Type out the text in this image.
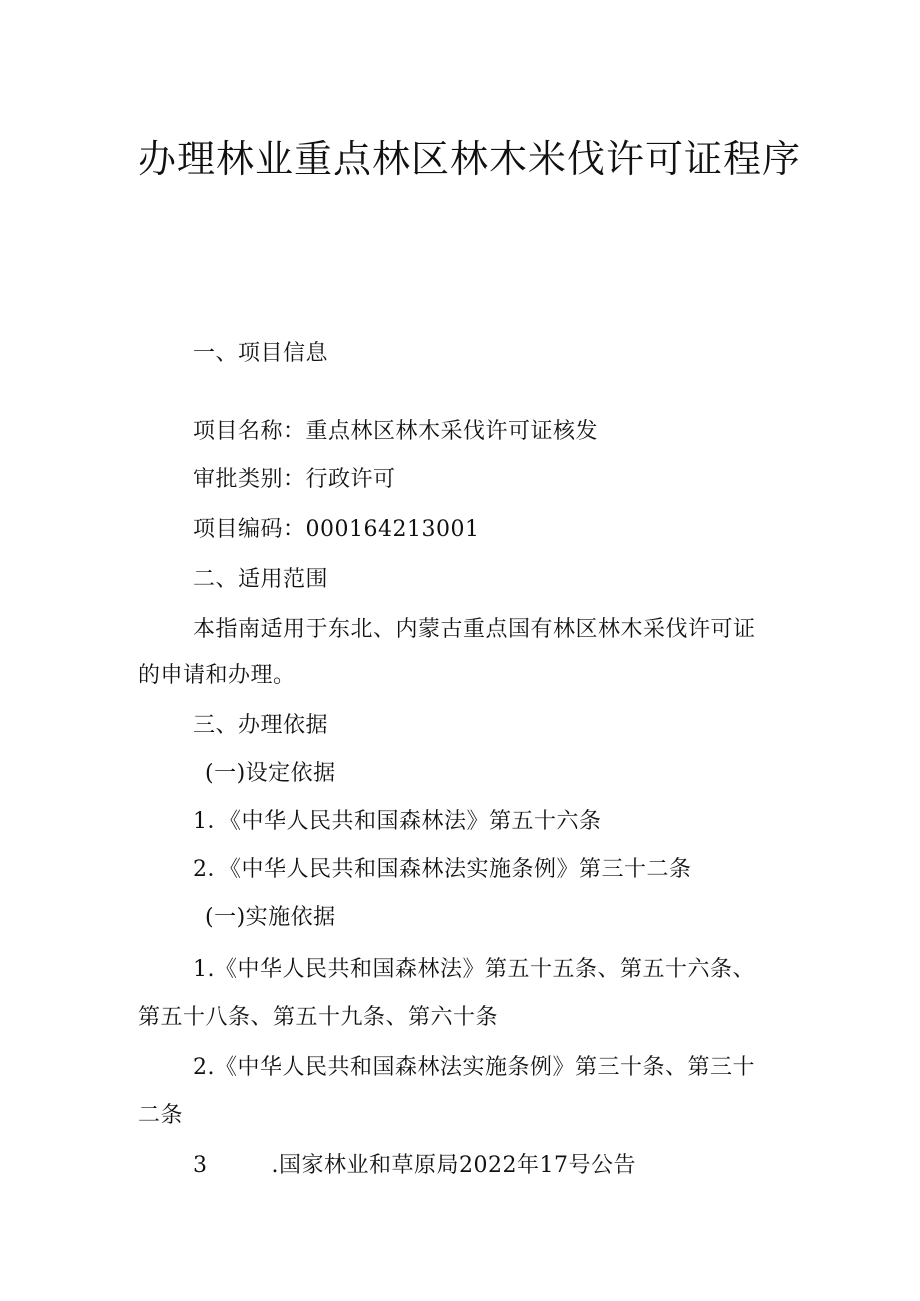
办理林业重点林区林木米伐许可证程序
一、项目信息
项目名称：重点林区林木采伐许可证核发
审批类别：行政许可
项目编码：000164213001
二、适用范围
本指南适用于东北、内蒙古重点国有林区林木采伐许可证
的申请和办理。
三、办理依据
(一)设定依据
1．《中华人民共和国森林法》第五十六条
2．《中华人民共和国森林法实施条例》第三十二条
(一)实施依据
1.《中华人民共和国森林法》第五十五条、第五十六条、
第五十八条、第五十九条、第六十条
2.《中华人民共和国森林法实施条例》第三十条、第三十
二条
3	.国家林业和草原局2022年17号公告
